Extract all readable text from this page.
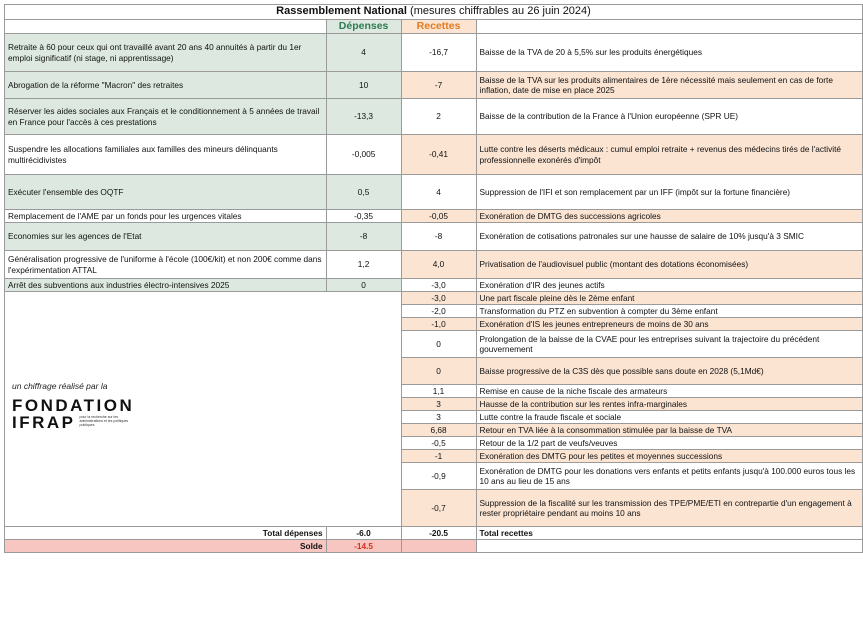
Rassemblement National (mesures chiffrables au 26 juin 2024)			
	Dépenses	Recettes	
Retraite à 60 pour ceux qui ont travaillé avant 20 ans 40 annuités à partir du 1er emploi significatif (ni stage, ni apprentissage)	4	-16,7	Baisse de la TVA de 20 à 5,5% sur les produits énergétiques
Abrogation de la réforme "Macron" des retraites	10	-7	Baisse de la TVA sur les produits alimentaires de 1ère nécessité mais seulement en cas de forte inflation, date de mise en place 2025
Réserver les aides sociales aux Français et le conditionnement à 5 années de travail en France pour l'accès à ces prestations	-13,3	2	Baisse de la contribution de la France à l'Union européenne (SPR UE)
Suspendre les allocations familiales aux familles des mineurs délinquants multirécidivistes	-0,005	-0,41	Lutte contre les déserts médicaux : cumul emploi retraite + revenus des médecins tirés de l'activité professionnelle exonérés d'impôt
Exécuter l'ensemble des OQTF	0,5	4	Suppression de l'IFI et son remplacement par un IFF (impôt sur la fortune financière)
Remplacement de l'AME par un fonds pour les urgences vitales	-0,35	-0,05	Exonération de DMTG des successions agricoles
Economies sur les agences de l'Etat	-8	-8	Exonération de cotisations patronales sur une hausse de salaire de 10% jusqu'à 3 SMIC
Généralisation progressive de l'uniforme à l'école (100€/kit) et non 200€ comme dans l'expérimentation ATTAL	1,2	4,0	Privatisation de l'audiovisuel public (montant des dotations économisées)
Arrêt des subventions aux industries électro-intensives 2025	0	-3,0	Exonération d'IR des jeunes actifs

un chiffrage réalisé par la
FONDATION
IFRAP pour la recherche sur les administrations et les politiques publiques		-3,0	Une part fiscale pleine dès le 2ème enfant
		-2,0	Transformation du PTZ en subvention à compter du 3ème enfant
		-1,0	Exonération d'IS les jeunes entrepreneurs de moins de 30 ans
		0	Prolongation de la baisse de la CVAE pour les entreprises suivant la trajectoire du précédent gouvernement
		0	Baisse progressive de la C3S dès que possible sans doute en 2028 (5,1Md€)
		1,1	Remise en cause de la niche fiscale des armateurs
		3	Hausse de la contribution sur les rentes infra-marginales
		3	Lutte contre la fraude fiscale et sociale
		6,68	Retour en TVA liée à la consommation stimulée par la baisse de TVA
		-0,5	Retour de la 1/2 part de veufs/veuves
		-1	Exonération des DMTG pour les petites et moyennes successions
		-0,9	Exonération de DMTG pour les donations vers enfants et petits enfants jusqu'à 100.000 euros tous les 10 ans au lieu de 15 ans
		-0,7	Suppression de la fiscalité sur les transmission des TPE/PME/ETI en contrepartie d'un engagement à rester propriétaire pendant au moins 10 ans
Total dépenses	-6.0	-20.5	Total recettes
Solde	-14.5		
